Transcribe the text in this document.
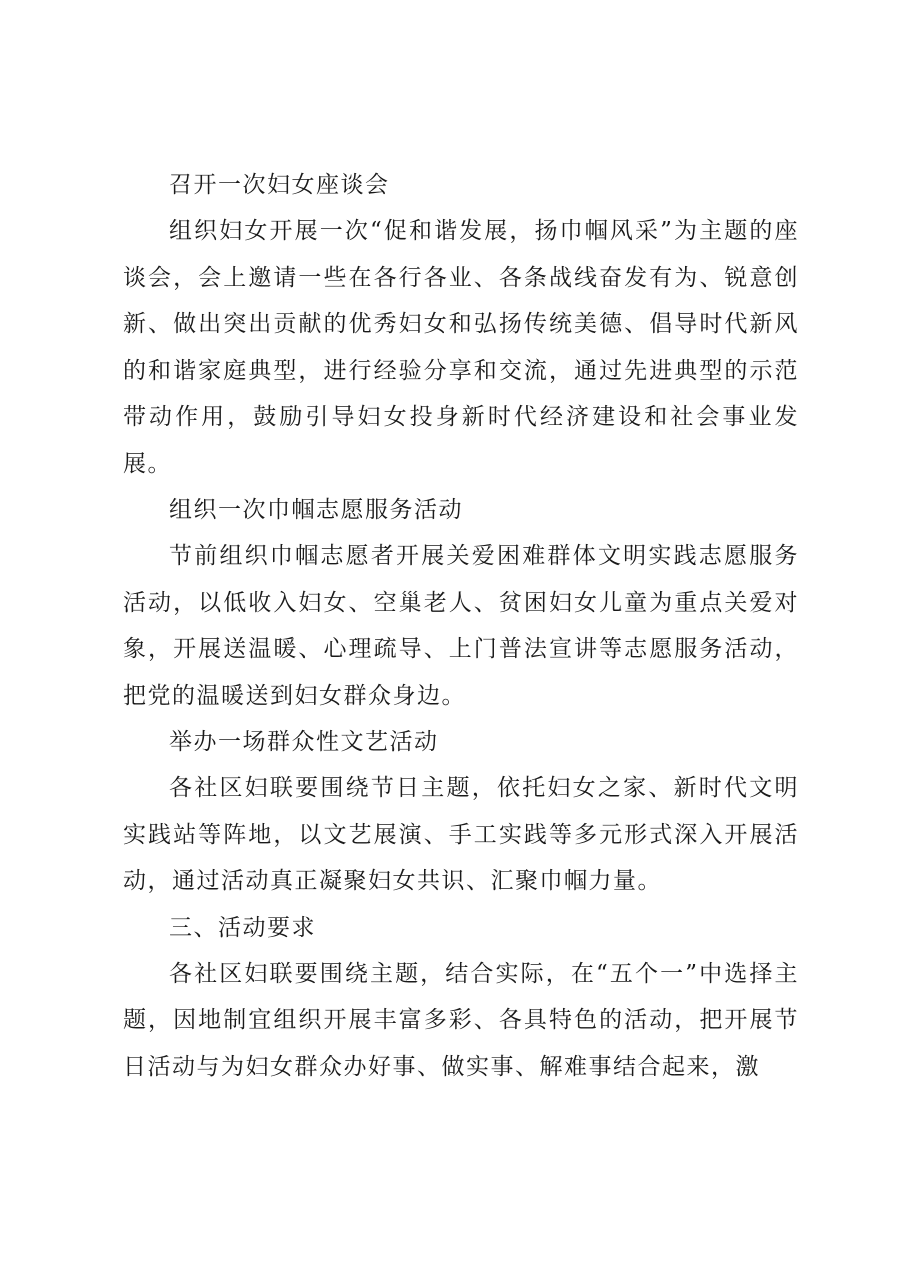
召开一次妇女座谈会

组织妇女开展一次“促和谐发展，扬巾帼风采”为主题的座谈会，会上邀请一些在各行各业、各条战线奋发有为、锐意创新、做出突出贡献的优秀妇女和弘扬传统美德、倡导时代新风的和谐家庭典型，进行经验分享和交流，通过先进典型的示范带动作用，鼓励引导妇女投身新时代经济建设和社会事业发展。

组织一次巾帼志愿服务活动

节前组织巾帼志愿者开展关爱困难群体文明实践志愿服务活动，以低收入妇女、空巢老人、贫困妇女儿童为重点关爱对象，开展送温暖、心理疏导、上门普法宣讲等志愿服务活动，把党的温暖送到妇女群众身边。

举办一场群众性文艺活动

各社区妇联要围绕节日主题，依托妇女之家、新时代文明实践站等阵地，以文艺展演、手工实践等多元形式深入开展活动，通过活动真正凝聚妇女共识、汇聚巾帼力量。

三、活动要求

各社区妇联要围绕主题，结合实际，在“五个一”中选择主题，因地制宜组织开展丰富多彩、各具特色的活动，把开展节日活动与为妇女群众办好事、做实事、解难事结合起来，激
